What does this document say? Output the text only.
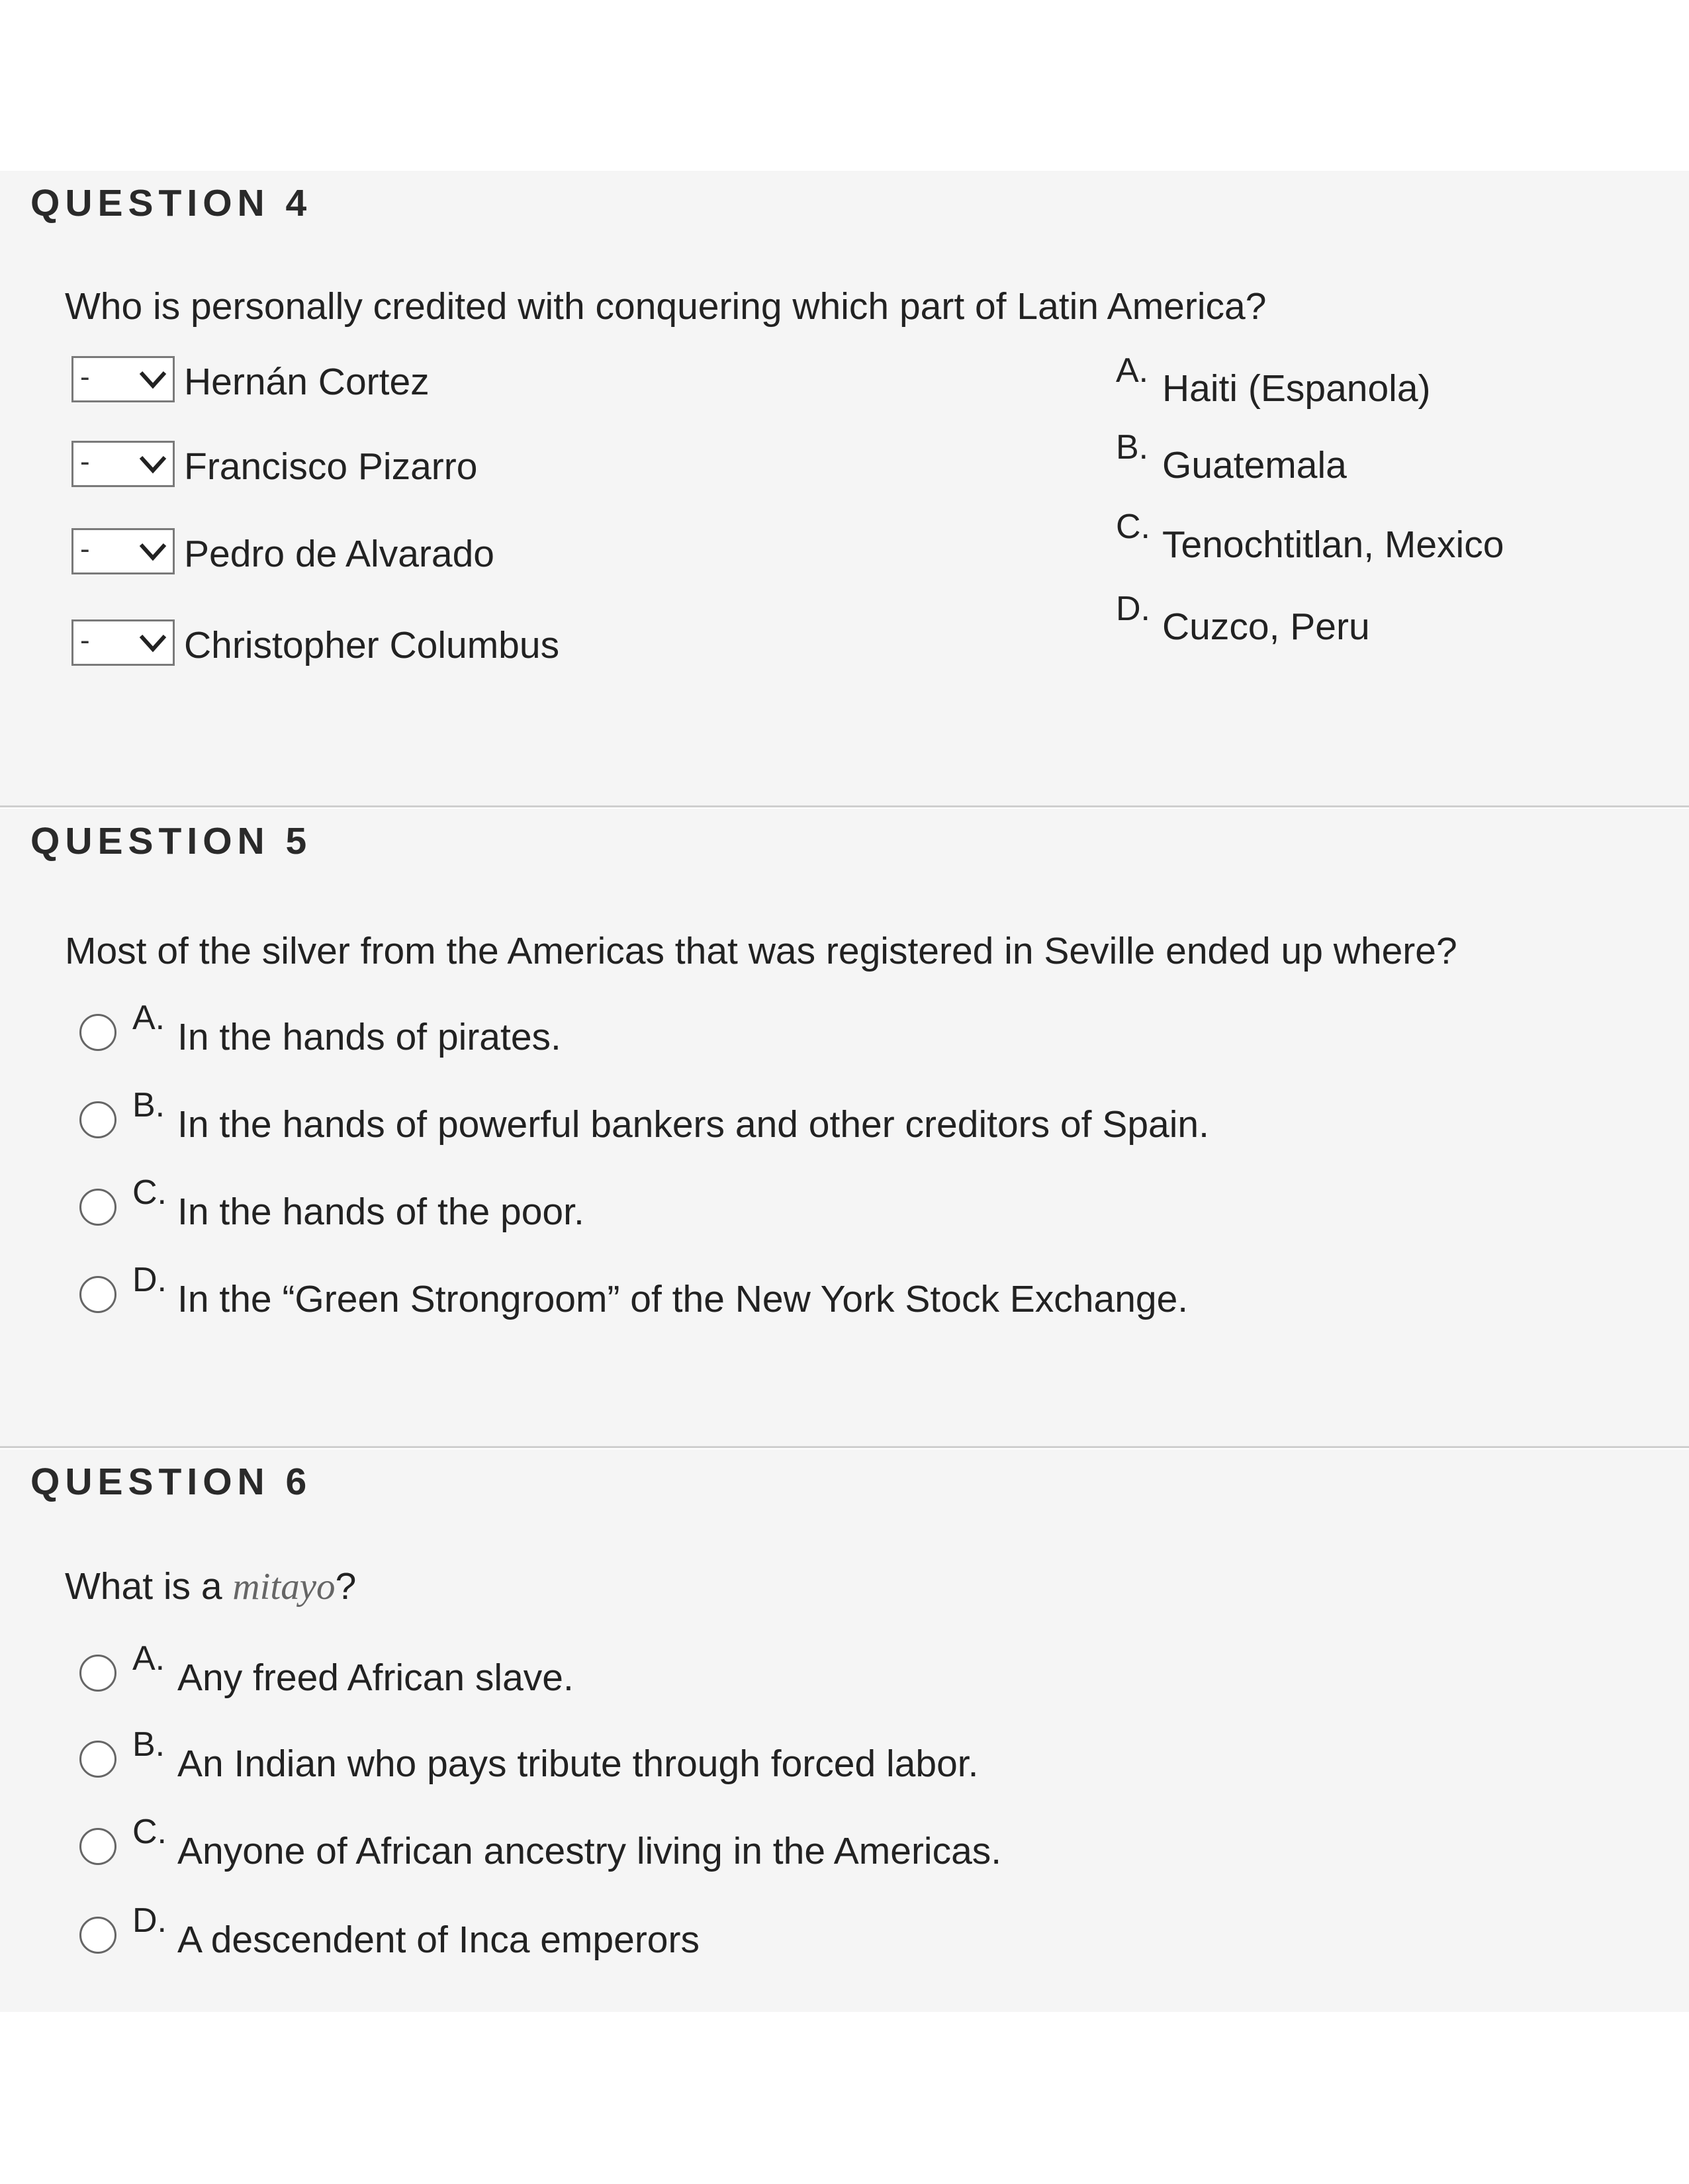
QUESTION 4
Who is personally credited with conquering which part of Latin America?
- Hernán Cortez
- Francisco Pizarro
- Pedro de Alvarado
- Christopher Columbus
A. Haiti (Espanola)
B. Guatemala
C. Tenochtitlan, Mexico
D. Cuzco, Peru
QUESTION 5
Most of the silver from the Americas that was registered in Seville ended up where?
A. In the hands of pirates.
B. In the hands of powerful bankers and other creditors of Spain.
C. In the hands of the poor.
D. In the “Green Strongroom” of the New York Stock Exchange.
QUESTION 6
What is a mitayo?
A. Any freed African slave.
B. An Indian who pays tribute through forced labor.
C. Anyone of African ancestry living in the Americas.
D. A descendent of Inca emperors
